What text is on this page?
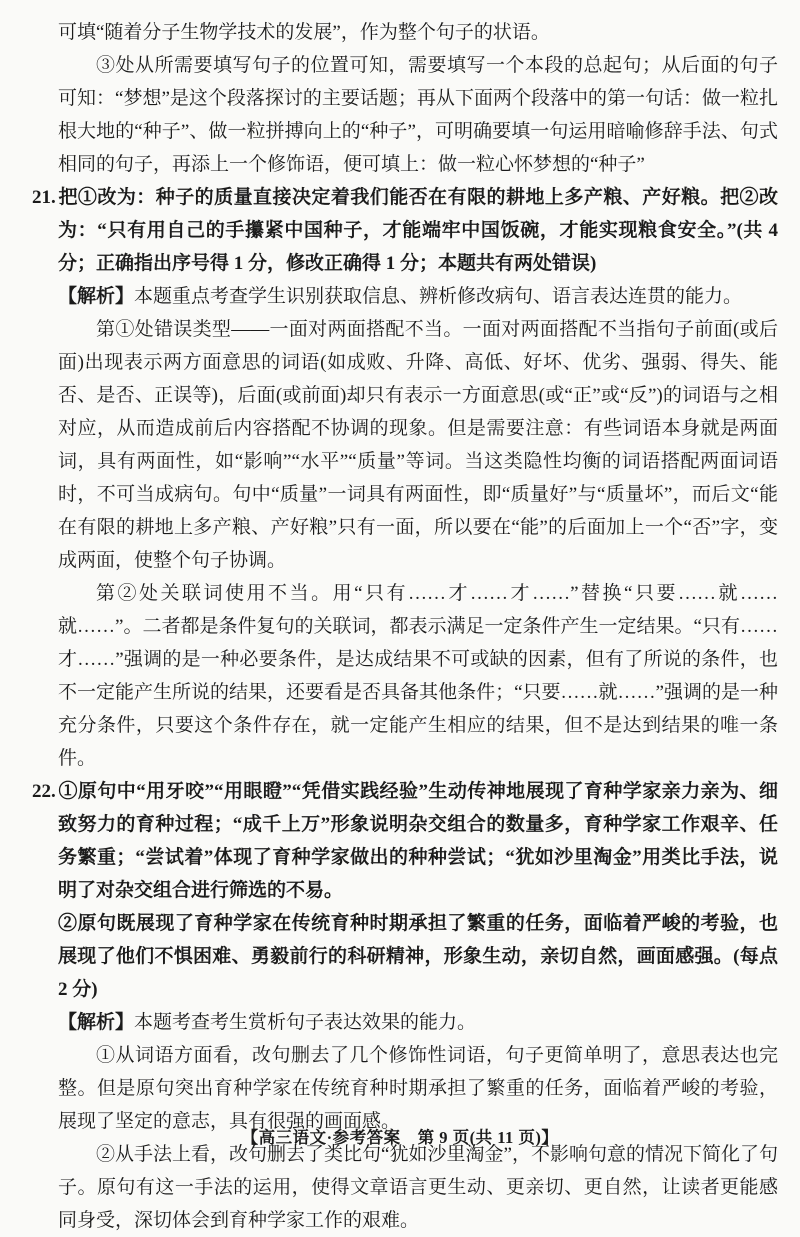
可填“随着分子生物学技术的发展”，作为整个句子的状语。

③处从所需要填写句子的位置可知，需要填写一个本段的总起句；从后面的句子可知：“梦想”是这个段落探讨的主要话题；再从下面两个段落中的第一句话：做一粒扎根大地的“种子”、做一粒拼搏向上的“种子”，可明确要填一句运用暗喻修辞手法、句式相同的句子，再添上一个修饰语，便可填上：做一粒心怀梦想的“种子”

21. 把①改为：种子的质量直接决定着我们能否在有限的耕地上多产粮、产好粮。把②改为：“只有用自己的手攥紧中国种子，才能端牢中国饭碗，才能实现粮食安全。”(共 4 分；正确指出序号得 1 分，修改正确得 1 分；本题共有两处错误)

【解析】本题重点考查学生识别获取信息、辨析修改病句、语言表达连贯的能力。

第①处错误类型——一面对两面搭配不当。一面对两面搭配不当指句子前面(或后面)出现表示两方面意思的词语(如成败、升降、高低、好坏、优劣、强弱、得失、能否、是否、正误等)，后面(或前面)却只有表示一方面意思(或“正”或“反”)的词语与之相对应，从而造成前后内容搭配不协调的现象。但是需要注意：有些词语本身就是两面词，具有两面性，如“影响”“水平”“质量”等词。当这类隐性均衡的词语搭配两面词语时，不可当成病句。句中“质量”一词具有两面性，即“质量好”与“质量坏”，而后文“能在有限的耕地上多产粮、产好粮”只有一面，所以要在“能”的后面加上一个“否”字，变成两面，使整个句子协调。

第②处关联词使用不当。用“只有……才……才……”替换“只要……就……就……”。二者都是条件复句的关联词，都表示满足一定条件产生一定结果。“只有……才……”强调的是一种必要条件，是达成结果不可或缺的因素，但有了所说的条件，也不一定能产生所说的结果，还要看是否具备其他条件；“只要……就……”强调的是一种充分条件，只要这个条件存在，就一定能产生相应的结果，但不是达到结果的唯一条件。

22. ①原句中“用牙咬”“用眼瞪”“凭借实践经验”生动传神地展现了育种学家亲力亲为、细致努力的育种过程；“成千上万”形象说明杂交组合的数量多，育种学家工作艰辛、任务繁重；“尝试着”体现了育种学家做出的种种尝试；“犹如沙里淘金”用类比手法，说明了对杂交组合进行筛选的不易。

②原句既展现了育种学家在传统育种时期承担了繁重的任务，面临着严峻的考验，也展现了他们不惧困难、勇毅前行的科研精神，形象生动，亲切自然，画面感强。(每点 2 分)

【解析】本题考查考生赏析句子表达效果的能力。

①从词语方面看，改句删去了几个修饰性词语，句子更简单明了，意思表达也完整。但是原句突出育种学家在传统育种时期承担了繁重的任务，面临着严峻的考验，展现了坚定的意志，具有很强的画面感。

②从手法上看，改句删去了类比句“犹如沙里淘金”，不影响句意的情况下简化了句子。原句有这一手法的运用，使得文章语言更生动、更亲切、更自然，让读者更能感同身受，深切体会到育种学家工作的艰难。

【高三语文·参考答案　第 9 页(共 11 页)】
